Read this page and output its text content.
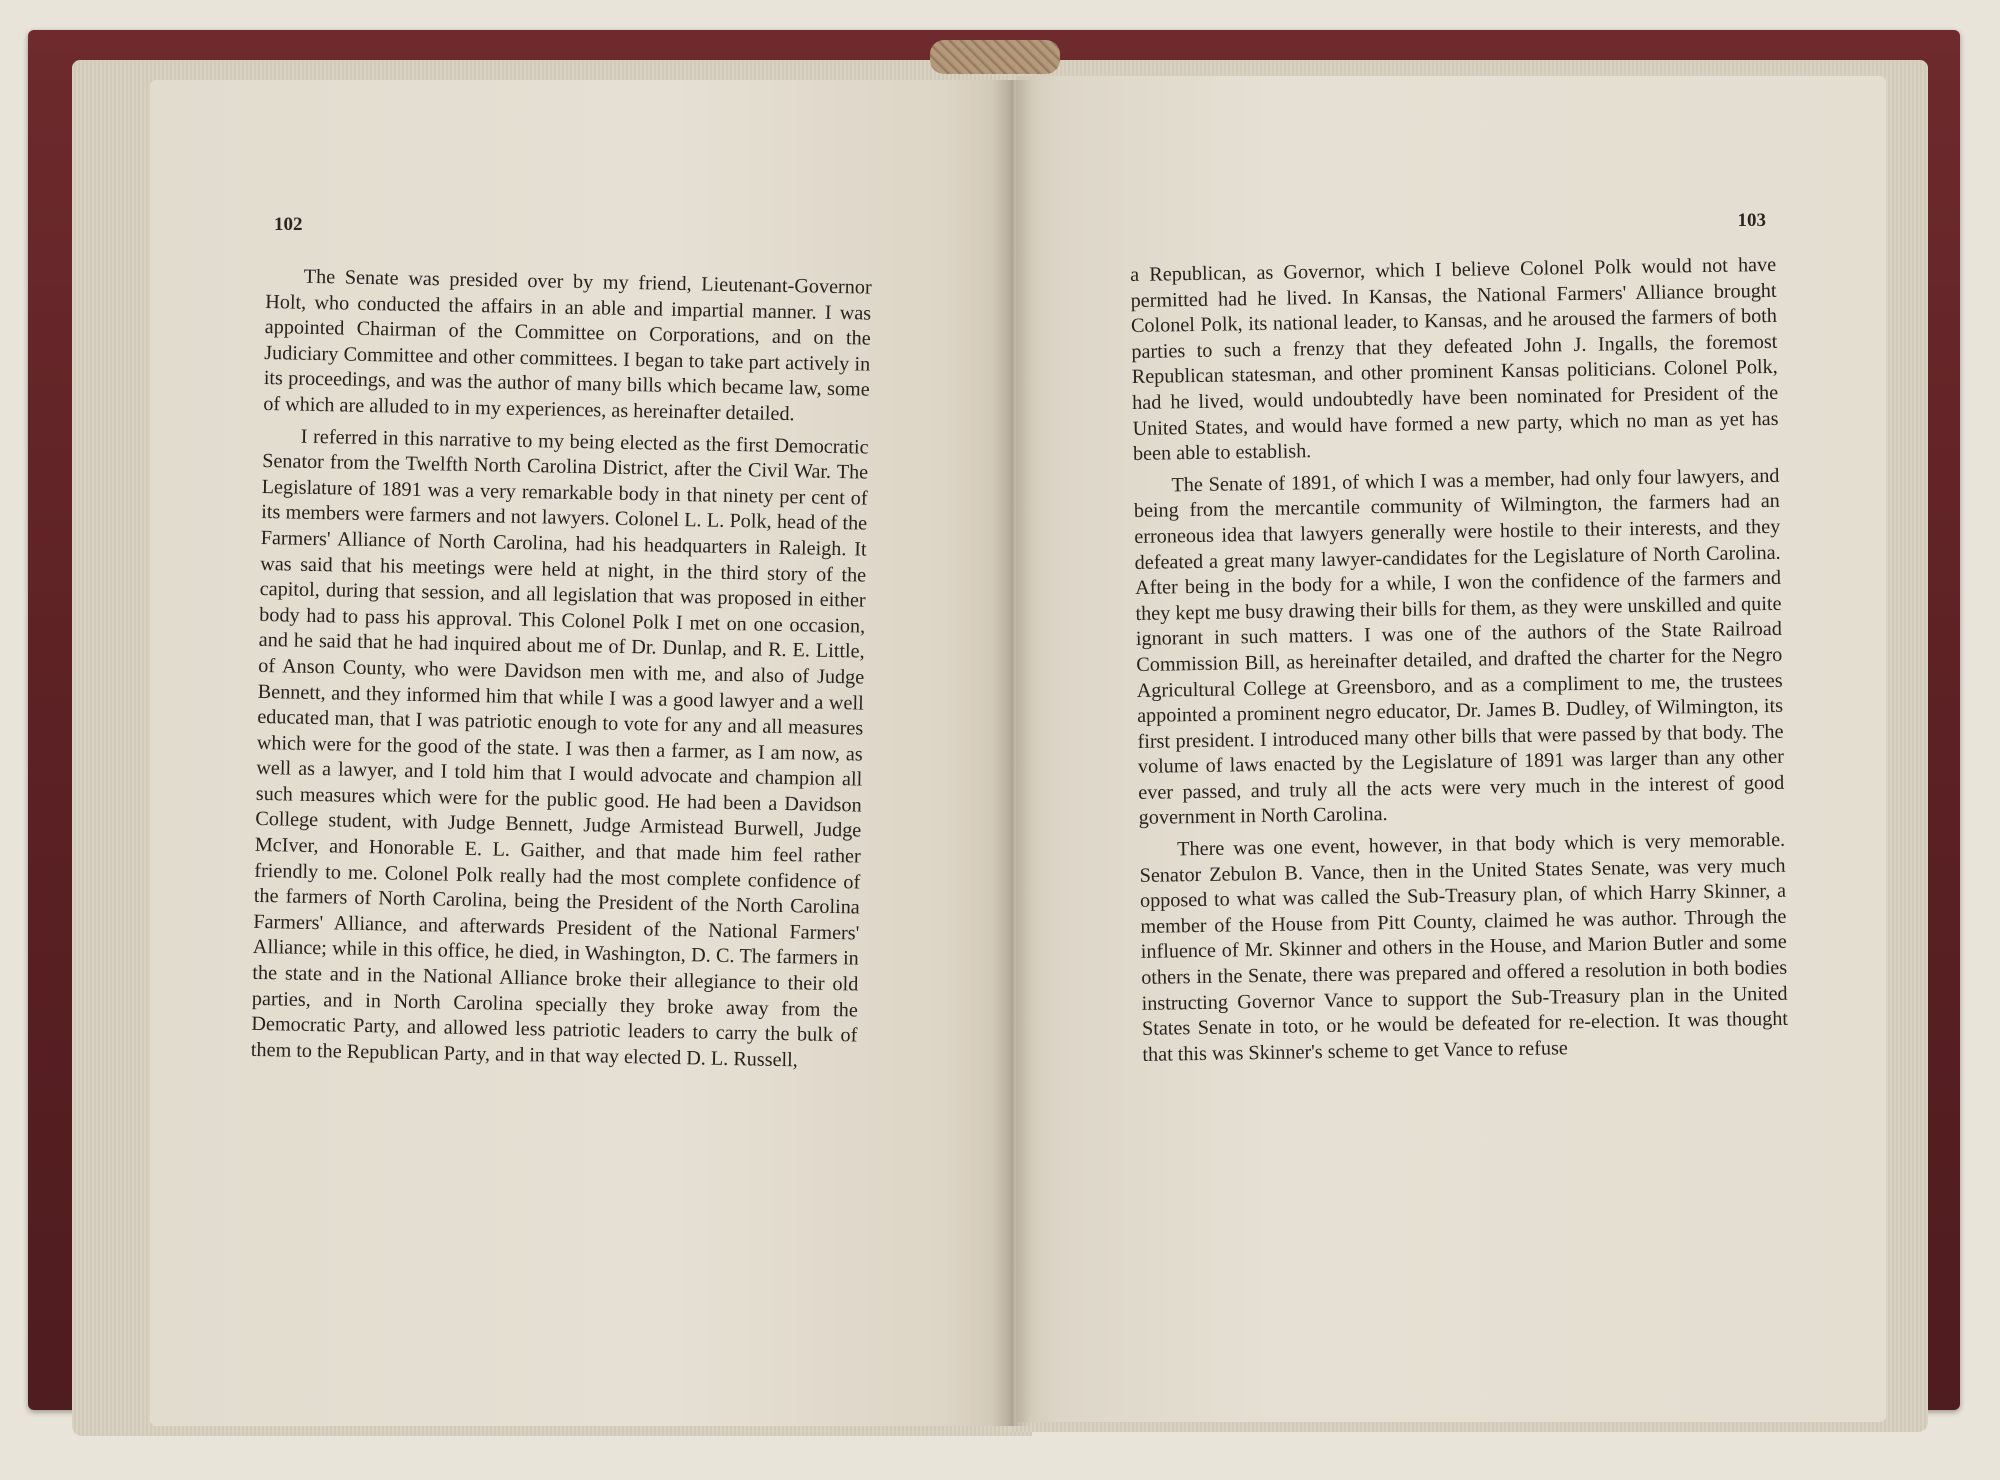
102

The Senate was presided over by my friend, Lieutenant-Governor Holt, who conducted the affairs in an able and impartial manner. I was appointed Chairman of the Committee on Corporations, and on the Judiciary Committee and other committees. I began to take part actively in its proceedings, and was the author of many bills which became law, some of which are alluded to in my experiences, as hereinafter detailed.

I referred in this narrative to my being elected as the first Democratic Senator from the Twelfth North Carolina District, after the Civil War. The Legislature of 1891 was a very remarkable body in that ninety per cent of its members were farmers and not lawyers. Colonel L. L. Polk, head of the Farmers' Alliance of North Carolina, had his headquarters in Raleigh. It was said that his meetings were held at night, in the third story of the capitol, during that session, and all legislation that was proposed in either body had to pass his approval. This Colonel Polk I met on one occasion, and he said that he had inquired about me of Dr. Dunlap, and R. E. Little, of Anson County, who were Davidson men with me, and also of Judge Bennett, and they informed him that while I was a good lawyer and a well educated man, that I was patriotic enough to vote for any and all measures which were for the good of the state. I was then a farmer, as I am now, as well as a lawyer, and I told him that I would advocate and champion all such measures which were for the public good. He had been a Davidson College student, with Judge Bennett, Judge Armistead Burwell, Judge McIver, and Honorable E. L. Gaither, and that made him feel rather friendly to me. Colonel Polk really had the most complete confidence of the farmers of North Carolina, being the President of the North Carolina Farmers' Alliance, and afterwards President of the National Farmers' Alliance; while in this office, he died, in Washington, D. C. The farmers in the state and in the National Alliance broke their allegiance to their old parties, and in North Carolina specially they broke away from the Democratic Party, and allowed less patriotic leaders to carry the bulk of them to the Republican Party, and in that way elected D. L. Russell,

103

a Republican, as Governor, which I believe Colonel Polk would not have permitted had he lived. In Kansas, the National Farmers' Alliance brought Colonel Polk, its national leader, to Kansas, and he aroused the farmers of both parties to such a frenzy that they defeated John J. Ingalls, the foremost Republican statesman, and other prominent Kansas politicians. Colonel Polk, had he lived, would undoubtedly have been nominated for President of the United States, and would have formed a new party, which no man as yet has been able to establish.

The Senate of 1891, of which I was a member, had only four lawyers, and being from the mercantile community of Wilmington, the farmers had an erroneous idea that lawyers generally were hostile to their interests, and they defeated a great many lawyer-candidates for the Legislature of North Carolina. After being in the body for a while, I won the confidence of the farmers and they kept me busy drawing their bills for them, as they were unskilled and quite ignorant in such matters. I was one of the authors of the State Railroad Commission Bill, as hereinafter detailed, and drafted the charter for the Negro Agricultural College at Greensboro, and as a compliment to me, the trustees appointed a prominent negro educator, Dr. James B. Dudley, of Wilmington, its first president. I introduced many other bills that were passed by that body. The volume of laws enacted by the Legislature of 1891 was larger than any other ever passed, and truly all the acts were very much in the interest of good government in North Carolina.

There was one event, however, in that body which is very memorable. Senator Zebulon B. Vance, then in the United States Senate, was very much opposed to what was called the Sub-Treasury plan, of which Harry Skinner, a member of the House from Pitt County, claimed he was author. Through the influence of Mr. Skinner and others in the House, and Marion Butler and some others in the Senate, there was prepared and offered a resolution in both bodies instructing Governor Vance to support the Sub-Treasury plan in the United States Senate in toto, or he would be defeated for re-election. It was thought that this was Skinner's scheme to get Vance to refuse
